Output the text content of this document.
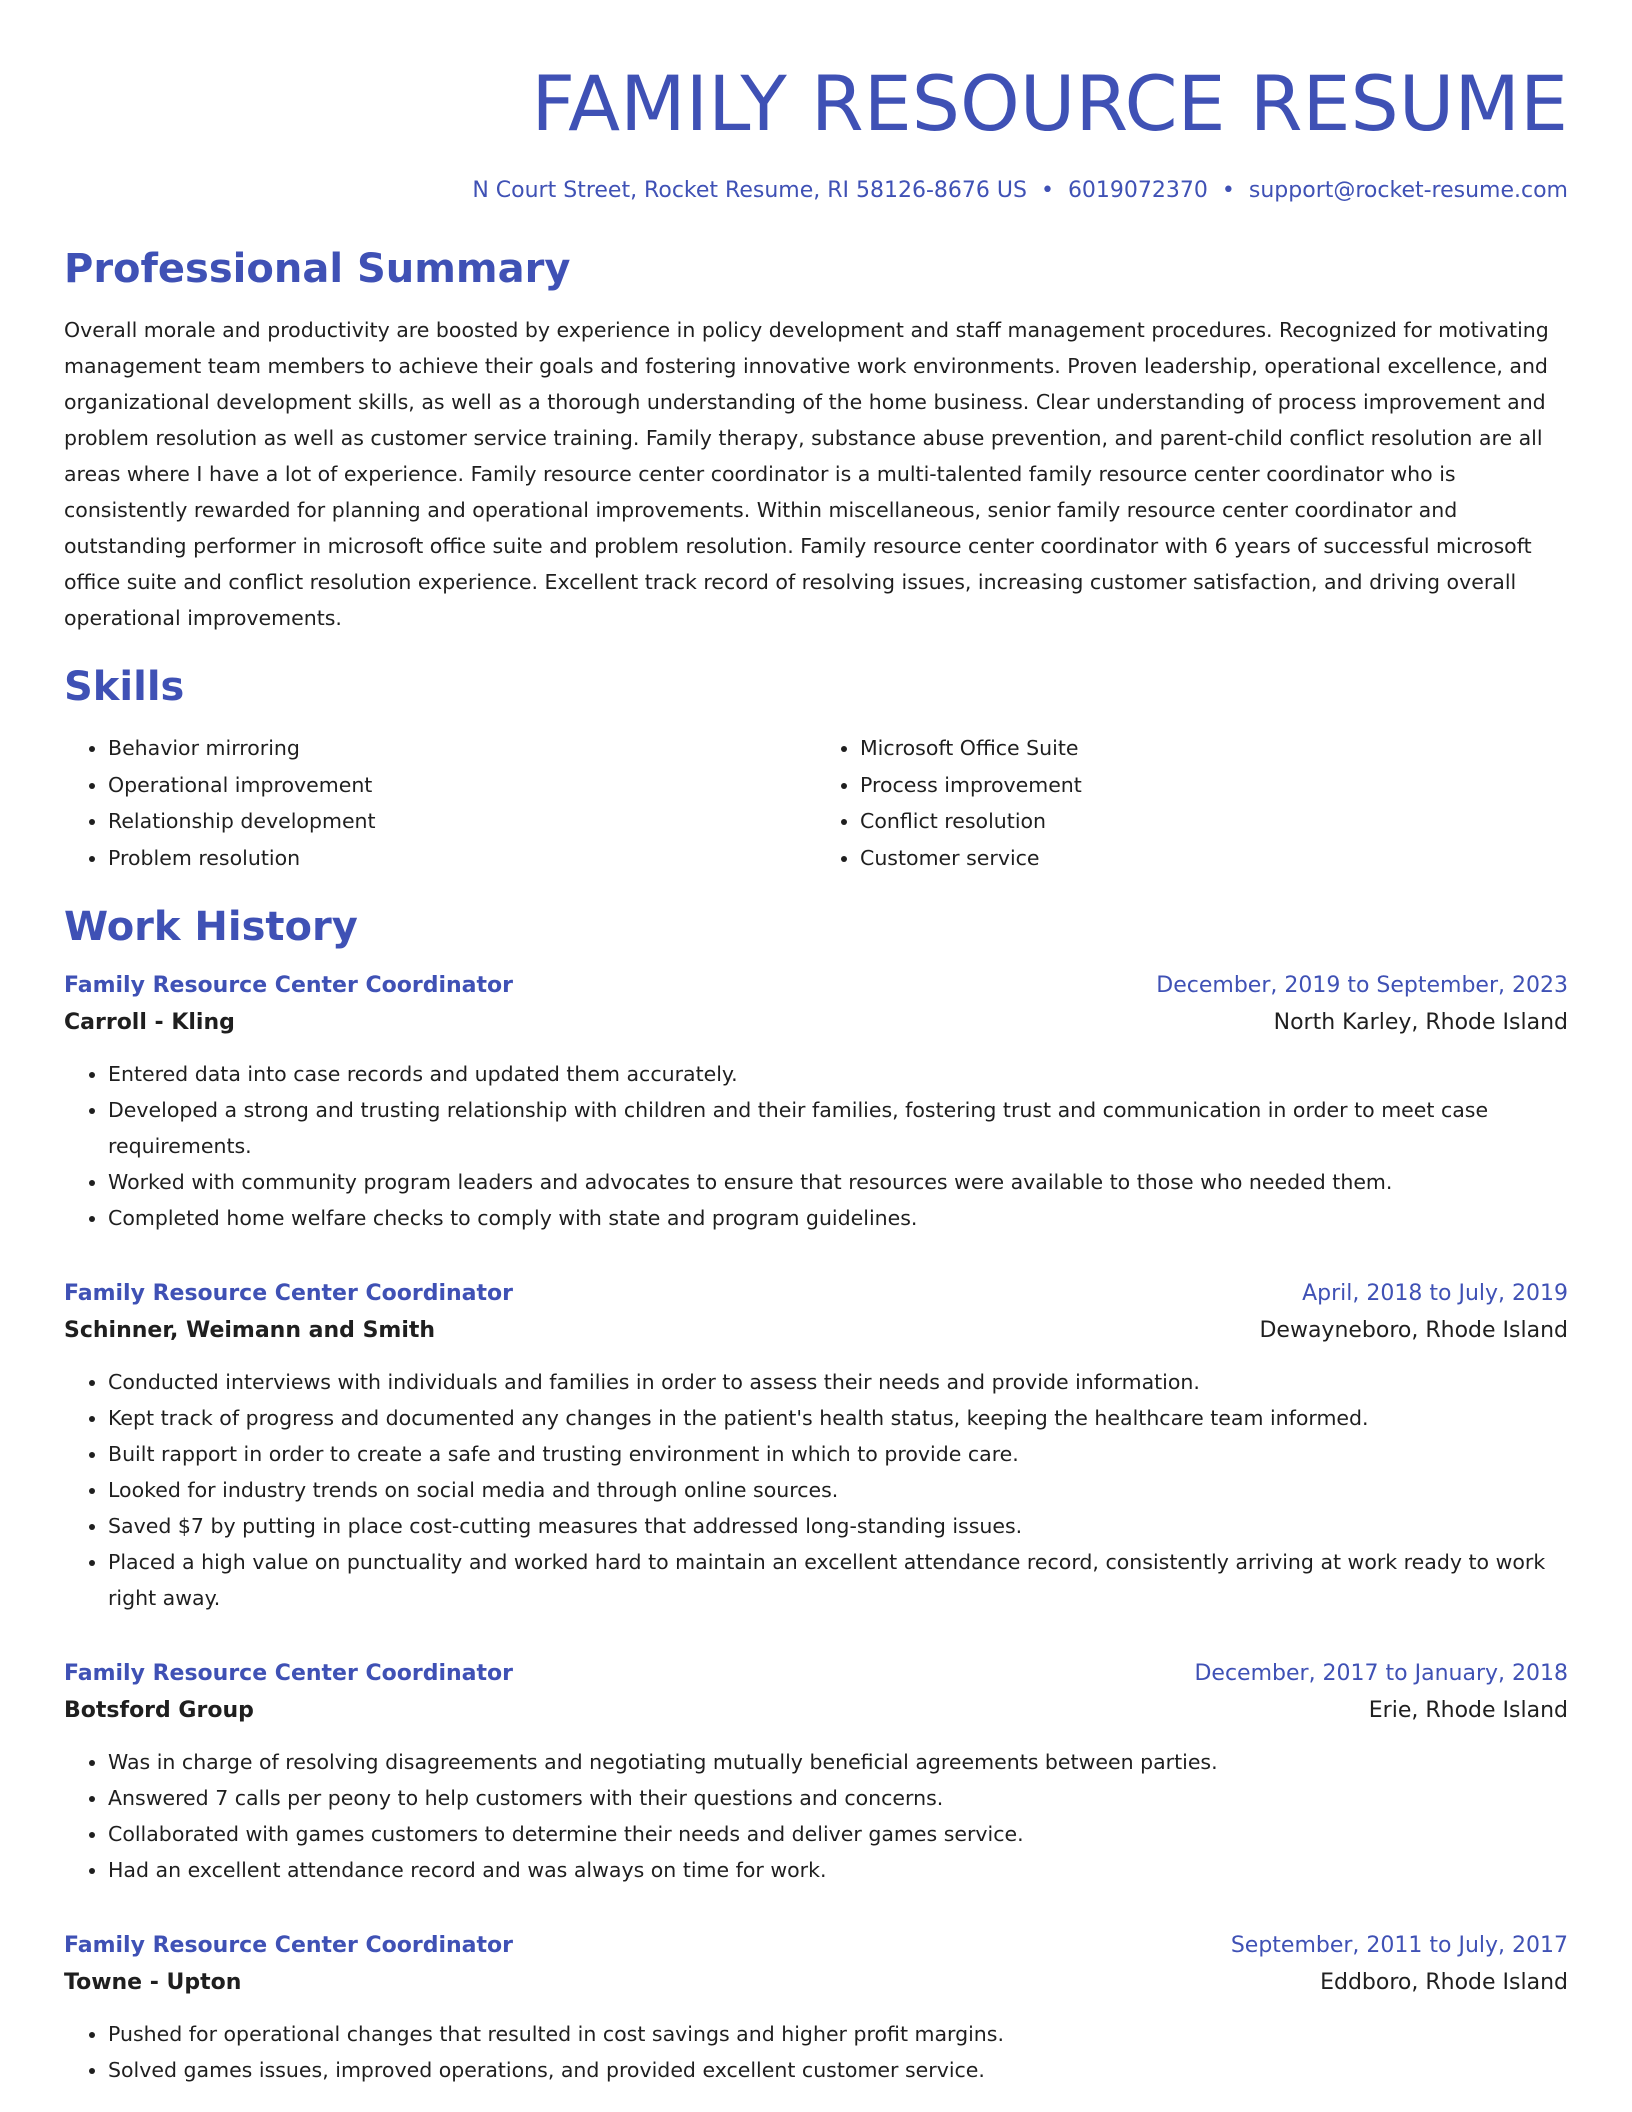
FAMILY RESOURCE RESUME
N Court Street, Rocket Resume, RI 58126-8676 US • 6019072370 • support@rocket-resume.com
Professional Summary

Overall morale and productivity are boosted by experience in policy development and staff management procedures. Recognized for motivating management team members to achieve their goals and fostering innovative work environments. Proven leadership, operational excellence, and organizational development skills, as well as a thorough understanding of the home business. Clear understanding of process improvement and problem resolution as well as customer service training. Family therapy, substance abuse prevention, and parent-child conflict resolution are all areas where I have a lot of experience. Family resource center coordinator is a multi-talented family resource center coordinator who is consistently rewarded for planning and operational improvements. Within miscellaneous, senior family resource center coordinator and outstanding performer in microsoft office suite and problem resolution. Family resource center coordinator with 6 years of successful microsoft office suite and conflict resolution experience. Excellent track record of resolving issues, increasing customer satisfaction, and driving overall operational improvements.

Skills
• Behavior mirroring
• Operational improvement
• Relationship development
• Problem resolution
• Microsoft Office Suite
• Process improvement
• Conflict resolution
• Customer service
Work History
Family Resource Center Coordinator	December, 2019 to September, 2023
Carroll - Kling	North Karley, Rhode Island
• Entered data into case records and updated them accurately.
• Developed a strong and trusting relationship with children and their families, fostering trust and communication in order to meet case requirements.
• Worked with community program leaders and advocates to ensure that resources were available to those who needed them.
• Completed home welfare checks to comply with state and program guidelines.
Family Resource Center Coordinator	April, 2018 to July, 2019
Schinner, Weimann and Smith	Dewayneboro, Rhode Island
• Conducted interviews with individuals and families in order to assess their needs and provide information.
• Kept track of progress and documented any changes in the patient's health status, keeping the healthcare team informed.
• Built rapport in order to create a safe and trusting environment in which to provide care.
• Looked for industry trends on social media and through online sources.
• Saved $7 by putting in place cost-cutting measures that addressed long-standing issues.
• Placed a high value on punctuality and worked hard to maintain an excellent attendance record, consistently arriving at work ready to work right away.
Family Resource Center Coordinator	December, 2017 to January, 2018
Botsford Group	Erie, Rhode Island
• Was in charge of resolving disagreements and negotiating mutually beneficial agreements between parties.
• Answered 7 calls per peony to help customers with their questions and concerns.
• Collaborated with games customers to determine their needs and deliver games service.
• Had an excellent attendance record and was always on time for work.
Family Resource Center Coordinator	September, 2011 to July, 2017
Towne - Upton	Eddboro, Rhode Island
• Pushed for operational changes that resulted in cost savings and higher profit margins.
• Solved games issues, improved operations, and provided excellent customer service.
